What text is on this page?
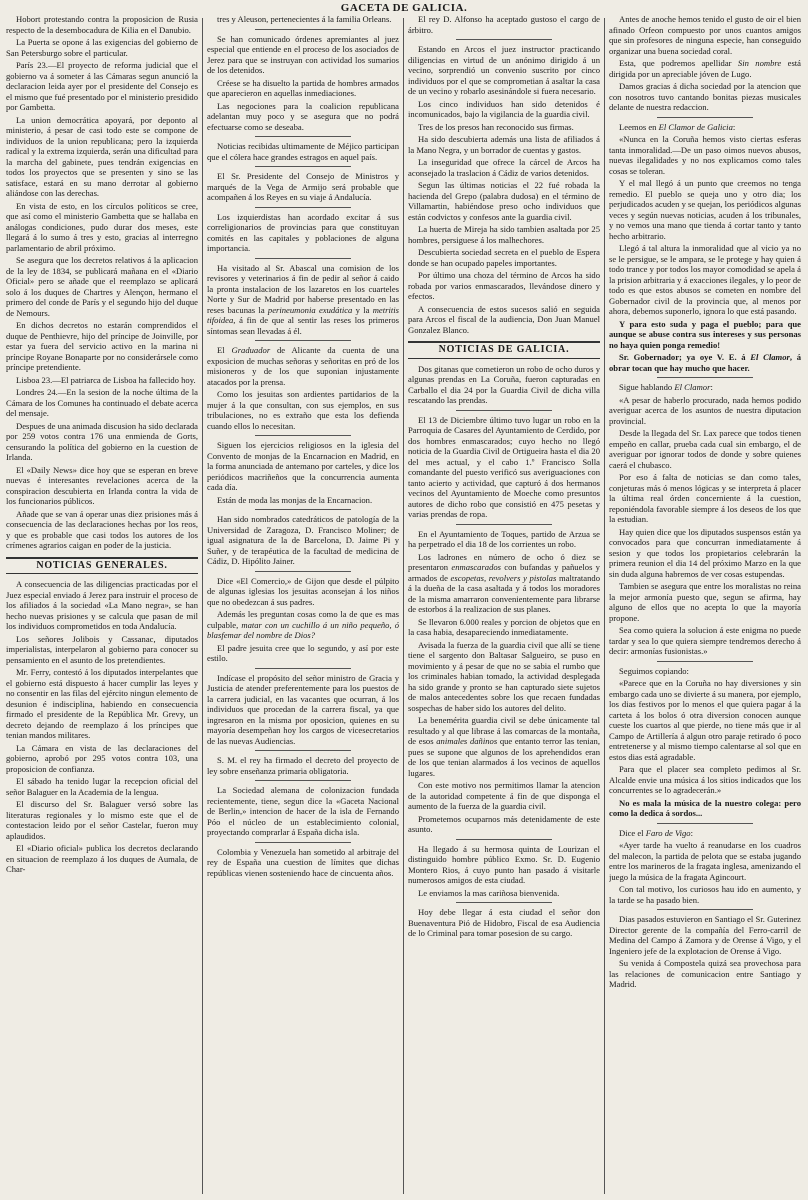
GACETA DE GALICIA.

Hobort protestando contra la proposicion de Rusia respecto de la desembocadura de Kilia en el Danubio.

La Puerta se opone á las exigencias del gobierno de San Petersburgo sobre el particular.

París 23.—El proyecto de reforma judicial que el gobierno va á someter á las Cámaras segun anunció la declaracion leida ayer por el presidente del Consejo es el mismo que fué presentado por el ministerio presidido por Gambetta.

La union democrática apoyará, por deponto al ministerio, á pesar de casi todo este se compone de individuos de la union republicana; pero la izquierda radical y la extrema izquierda, serán una dificultad para la marcha del gabinete, pues tendrán exigencias en todos los proyectos que se presenten y sino se las satisface, estará en su mano derrotar al gobierno aliándose con las derechas.

En vista de esto, en los círculos políticos se cree, que así como el ministerio Gambetta que se hallaba en análogas condiciones, pudo durar dos meses, este llegará á lo sumo á tres y esto, gracias al interregno parlamentario de abril próximo.

Se asegura que los decretos relativos á la aplicacion de la ley de 1834, se publicará mañana en el «Diario Oficial» pero se añade que el reemplazo se aplicará solo á los duques de Chartres y Alençon, hermano el primero del conde de París y el segundo hijo del duque de Nemours.

En dichos decretos no estarán comprendidos el duque de Penthievre, hijo del príncipe de Joinville, por estar ya fuera del servicio activo en la marina ni príncipe Royane Bonaparte por no considerársele como príncipe pretendiente.

Lisboa 23.—El patriarca de Lisboa ha fallecido hoy.

Londres 24.—En la sesion de la noche última de la Cámara de los Comunes ha continuado el debate acerca del mensaje.

Despues de una animada discusion ha sido declarada por 259 votos contra 176 una enmienda de Gorts, censurando la política del gobierno en la cuestion de Irlanda.

El «Daily News» dice hoy que se esperan en breve nuevas é interesantes revelaciones acerca de la conspiracion descubierta en Irlanda contra la vida de los funcionarios públicos.

Añade que se van á operar unas diez prisiones más á consecuencia de las declaraciones hechas por los reos, y que es probable que casi todos los autores de los crímenes agrarios caigan en poder de la justicia.

NOTICIAS GENERALES.

A consecuencia de las diligencias practicadas por el Juez especial enviado á Jerez para instruir el proceso de los afiliados á la sociedad «La Mano negra», se han hecho nuevas prisiones y se calcula que pasan de mil los individuos comprometidos en toda Andalucía.

Los señores Jolibois y Cassanac, diputados imperialistas, interpelaron al gobierno para conocer su pensamiento en el asunto de los pretendientes.

Mr. Ferry, contestó á los diputados interpelantes que el gobierno está dispuesto á hacer cumplir las leyes y no consentir en las filas del ejército ningun elemento de desunion é indisciplina, habiendo en consecuencia firmado el presidente de la República Mr. Grevy, un decreto dejando de reemplazo á los príncipes que tenian mandos militares.

La Cámara en vista de las declaraciones del gobierno, aprobó por 295 votos contra 103, una proposicion de confianza.

El sábado ha tenido lugar la recepcion oficial del señor Balaguer en la Academia de la lengua.

El discurso del Sr. Balaguer versó sobre las literaturas regionales y lo mismo este que el de contestacion leido por el señor Castelar, fueron muy aplaudidos.

El «Diario oficial» publica los decretos declarando en situacion de reemplazo á los duques de Aumala, de Char-

tres y Aleuson, pertenecientes á la familia Orleans.

Se han comunicado órdenes apremiantes al juez especial que entiende en el proceso de los asociados de Jerez para que se instruyan con actividad los sumarios de los detenidos.

Créese se ha disuelto la partida de hombres armados que aparecieron en aquellas inmediaciones.

Las negociones para la coalicion republicana adelantan muy poco y se asegura que no podrá efectuarse como se deseaba.

Noticias recibidas ultimamente de Méjico participan que el cólera hace grandes estragos en aquel país.

El Sr. Presidente del Consejo de Ministros y marqués de la Vega de Armijo será probable que acompañen á los Reyes en su viaje á Andalucía.

Los izquierdistas han acordado excitar á sus correligionarios de provincias para que constituyan comités en las capitales y poblaciones de alguna importancia.

Ha visitado al Sr. Abascal una comision de los revisores y veterinarios á fin de pedir al señor á caido la pronta instalacion de los lazaretos en los cuarteles Norte y Sur de Madrid por haberse presentado en las reses bacunas la perineumonia exudática y la metritis tifoidea, á fin de que al sentir las reses los primeros síntomas sean llevadas á él.

El Graduador de Alicante da cuenta de una exposicion de muchas señoras y señoritas en pró de los misioneros y de los que suponian injustamente atacados por la prensa.

Como los jesuitas son ardientes partidarios de la mujer á la que consultan, con sus ejemplos, en sus tribulaciones, no es extraño que esta los defienda cuando ellos lo necesitan.

Siguen los ejercicios religiosos en la iglesia del Convento de monjas de la Encarnacion en Madrid, en la forma anunciada de antemano por carteles, y dice los periódicos macriñeños que la concurrencia aumenta cada día.

Están de moda las monjas de la Encarnacion.

Han sido nombrados catedráticos de patología de la Universidad de Zaragoza, D. Francisco Moliner; de igual asignatura de la de Barcelona, D. Jaime Pi y Suñer, y de terapéutica de la facultad de medicina de Cádiz, D. Hipólito Jainer.

Dice «El Comercio,» de Gijon que desde el púlpito de algunas iglesias los jesuitas aconsejan á los niños que no obedezcan á sus padres.

Además les preguntan cosas como la de que es mas culpable, matar con un cuchillo á un niño pequeño, ó blasfemar del nombre de Dios?

El padre jesuita cree que lo segundo, y así por este estilo.

Indícase el propósito del señor ministro de Gracia y Justicia de atender preferentemente para los puestos de la carrera judicial, en las vacantes que ocurran, á los individuos que procedan de la carrera fiscal, ya que ingresaron en la misma por oposicion, quienes en su mayoría desempeñan hoy los cargos de vicesecretarios de las nuevas Audiencias.

S. M. el rey ha firmado el decreto del proyecto de ley sobre enseñanza primaria obligatoria.

La Sociedad alemana de colonizacion fundada recientemente, tiene, segun dice la «Gaceta Nacional de Berlin,» intencion de hacer de la isla de Fernando Póo el núcleo de un establecimiento colonial, proyectando comprarlar á España dicha isla.

Colombia y Venezuela han sometido al arbitraje del rey de España una cuestion de límites que dichas repúblicas vienen sosteniendo hace de cincuenta años.

El rey D. Alfonso ha aceptado gustoso el cargo de árbitro.

Estando en Arcos el juez instructor practicando diligencias en virtud de un anónimo dirigido á un vecino, sorprendió un convenio suscrito por cinco individuos por el que se comprometian á asaltar la casa de un vecino y robarlo asesinándole si fuera necesario.

Los cinco individuos han sido detenidos é incomunicados, bajo la vigilancia de la guardia civil.

Tres de los presos han reconocido sus firmas.

Ha sido descubierta además una lista de afiliados á la Mano Negra, y un borrador de cuentas y gastos.

La inseguridad que ofrece la cárcel de Arcos ha aconsejado la traslacion á Cádiz de varios detenidos.

Segun las últimas noticias el 22 fué robada la hacienda del Grepo (palabra dudosa) en el término de Villamartin, habiéndose preso ocho individuos que están codvictos y confesos ante la guardia civil.

La huerta de Mireja ha sido tambien asaltada por 25 hombres, persiguese á los malhechores.

Descubierta sociedad secreta en el pueblo de Espera donde se han ocupado papeles importantes.

Por último una choza del término de Arcos ha sido robada por varios enmascarados, llevándose dinero y efectos.

A consecuencia de estos sucesos salió en seguida para Arcos el fiscal de la audiencia, Don Juan Manuel Gonzalez Blanco.

NOTICIAS DE GALICIA.

Dos gitanas que cometieron un robo de ocho duros y algunas prendas en La Coruña, fueron capturadas en Carballo el dia 24 por la Guardia Civil de dicha villa rescatando las prendas.

El 13 de Diciembre último tuvo lugar un robo en la Parroquia de Casares del Ayuntamiento de Cerdido, por dos hombres enmascarados; cuyo hecho no llegó noticia de la Guardia Civil de Ortigueira hasta el dia 20 del mes actual, y el cabo 1.º Francisco Solla comandante del puesto verificó sus averiguaciones con tanto acierto y actividad, que capturó á dos hermanos vecinos del Ayuntamiento de Moeche como presuntos autores de dicho robo que consistió en 475 pesetas y varias prendas de ropa.

En el Ayuntamiento de Toques, partido de Arzua se ha perpetrado el dia 18 de los corrientes un robo.

Los ladrones en número de ocho ó diez se presentaron enmascarados con bufandas y pañuelos y armados de escopetas, revolvers y pistolas maltratando á la dueña de la casa asaltada y á todos los moradores de la misma amarraron convenientemente para librarse de estorbos á la realizacion de sus planes.

Se llevaron 6.000 reales y porcion de objetos que en la casa habia, desapareciendo inmediatamente.

Avisada la fuerza de la guardia civil que allí se tiene tiene el sargento don Baltasar Salgueiro, se puso en movimiento y á pesar de que no se sabia el rumbo que los criminales habian tomado, la actividad desplegada ha sido grande y pronto se han capturado siete sujetos de malos antecedentes sobre los que recaen fundadas sospechas de haber sido los autores del delito.

La benemérita guardia civil se debe únicamente tal resultado y al que librase á las comarcas de la montaña, de esos animales dañinos que entanto terror las tenian, pues se supone que algunos de los aprehendidos eran de los que tenian alarmados á los vecinos de aquellos lugares.

Con este motivo nos permitimos llamar la atencion de la autoridad competente á fin de que disponga el aumento de la fuerza de la guardia civil.

Prometemos ocuparnos más detenidamente de este asunto.

Ha llegado á su hermosa quinta de Lourizan el distinguido hombre público Exmo. Sr. D. Eugenio Montero Rios, á cuyo punto han pasado á visitarle numerosos amigos de esta ciudad.

Le enviamos la mas cariñosa bienvenida.

Hoy debe llegar á esta ciudad el señor don Buenaventura Pió de Hidobro, Fiscal de esa Audiencia de lo Criminal para tomar posesion de su cargo.

Antes de anoche hemos tenido el gusto de oir el bien afinado Orfeon compuesto por unos cuantos amigos que sin profesores de ninguna especie, han conseguido organizar una buena sociedad coral.

Esta, que podremos apellidar Sin nombre está dirigida por un apreciable jóven de Lugo.

Damos gracias á dicha sociedad por la atencion que con nosotros tuvo cantando bonitas piezas musicales delante de nuestra redaccion.

Leemos en El Clamor de Galicia:

«Nunca en la Coruña hemos visto ciertas esferas tanta inmoralidad.—De un paso oimos nuevos abusos, nuevas ilegalidades y no nos explicamos como tales cosas se toleran.

Y el mal llegó á un punto que creemos no tenga remedio. El pueblo se queja uno y otro dia; los perjudicados acuden y se quejan, los periódicos algunas veces y según nuevas noticias, acuden á los tribunales, y no vemos una mano que tienda á cortar tanto y tanto hecho arbitrario.

Llegó á tal altura la inmoralidad que al vicio ya no se le persigue, se le ampara, se le protege y hay quien á todo trance y por todos los mayor comodidad se apela á la prision arbitraria y á exacciones ilegales, y lo peor de todo es que estos abusos se cometen en nombre del Gobernador civil de la provincia que, al menos por ahora, debemos suponerlo, ignora lo que está pasando.

Y para esto suda y paga el pueblo; para que aunque se abuse contra sus intereses y sus personas no haya quien ponga remedio!

Sr. Gobernador; ya oye V. E. á El Clamor, á obrar tocan que hay mucho que hacer.

Sigue hablando El Clamor:

«A pesar de haberlo procurado, nada hemos podido averiguar acerca de los asuntos de nuestra diputacion provincial.

Desde la llegada del Sr. Lax parece que todos tienen empeño en callar, prueba cada cual sin embargo, el de averiguar por ignorar todos de donde y sobre quienes caerá el chubasco.

Por eso á falta de noticias se dan como tales, conjeturas más ó menos lógicas y se interpreta á placer la última real órden concerniente á la cuestion, reponiéndola favorable siempre á los deseos de los que la estudian.

Hay quien dice que los diputados suspensos están ya convocados para que concurran inmediatamente á sesion y que todos los propietarios celebrarán la primera reunion el dia 14 del próximo Marzo en la que sin duda alguna habremos de ver cosas estupendas.

Tambien se asegura que entre los moralistas no reina la mejor armonía puesto que, segun se afirma, hay alguno de ellos que no acepta lo que la mayoría propone.

Sea como quiera la solucion á este enigma no puede tardar y sea lo que quiera siempre tendremos derecho á decir: armonías fusionistas.»

Seguimos copiando:

«Parece que en la Coruña no hay diversiones y sin embargo cada uno se divierte á su manera, por ejemplo, los dias festivos por lo menos el que quiera pagar á la carteta á los bolos ó otra diversion conocen aunque cueste los cuartos al que pierde, no tiene más que ir al Campo de Artillería á algun otro paraje retirado ó poco entretenerse y al mismo tiempo calentarse al sol que en estos dias está agradable.

Para que el placer sea completo pedimos al Sr. Alcalde envie una música á los sitios indicados que los concurrentes se lo agradecerán.»

No es mala la música de la nuestro colega: pero como la dedica á sordos...

Dice el Faro de Vigo:

«Ayer tarde ha vuelto á reanudarse en los cuadros del malecon, la partida de pelota que se estaba jugando entre los marineros de la fragata inglesa, amenizando el juego la música de la fragata Agincourt.

Con tal motivo, los curiosos hau ido en aumento, y la tarde se ha pasado bien.

Dias pasados estuvieron en Santiago el Sr. Guterinez Director gerente de la compañía del Ferro-carril de Medina del Campo á Zamora y de Orense á Vigo, y el Ingeniero jefe de la explotacion de Orense á Vigo.

Su venida á Compostela quizá sea provechosa para las relaciones de comunicacion entre Santiago y Madrid.
